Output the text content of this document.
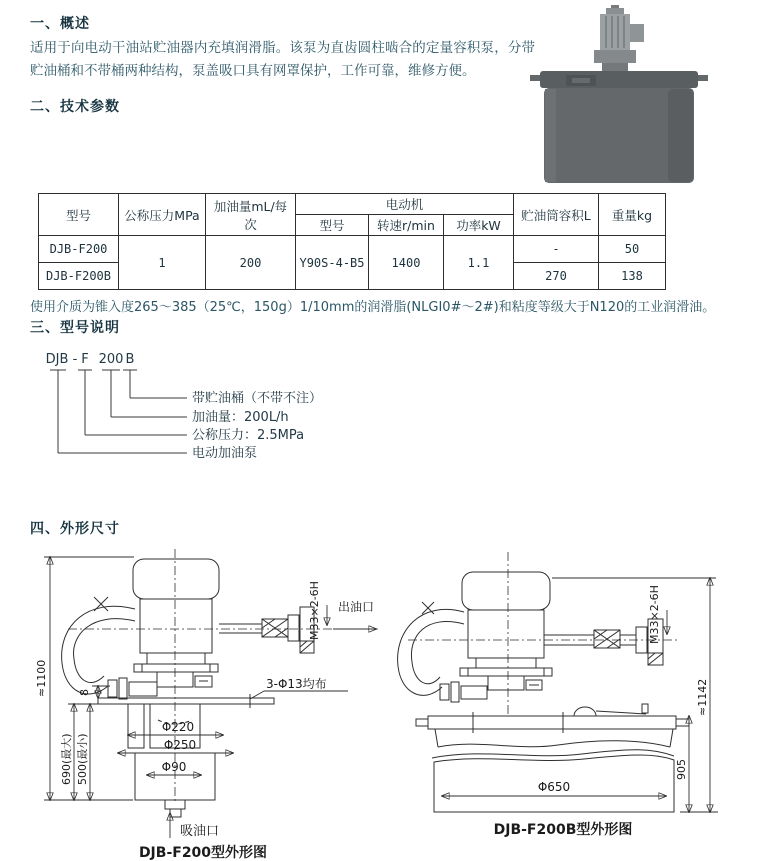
一、概述
适用于向电动干油站贮油器内充填润滑脂。该泵为直齿圆柱啮合的定量容积泵，分带贮油桶和不带桶两种结构，泵盖吸口具有网罩保护，工作可靠，维修方便。
二、技术参数
型号	公称压力MPa	加油量mL/每次	电动机			贮油筒容积L	重量kg
			型号	转速r/min	功率kW		
DJB-F200	1	200	Y90S-4-B5	1400	1.1	-	50
DJB-F200B						270	138
使用介质为锥入度265～385（25℃，150g）1/10mm的润滑脂(NLGI0#～2#)和粘度等级大于N120的工业润滑油。
三、型号说明
DJB - F 200 B
带贮油桶（不带不注）
加油量：200L/h
公称压力：2.5MPa
电动加油泵
四、外形尺寸
≈1100	8
690(最大) 500(最小)
Φ220
Φ250
Φ90
3-Φ13均布
M33×2-6H 出油口
吸油口
DJB-F200型外形图
Φ650
905
≈1142
M33×2-6H
DJB-F200B型外形图
